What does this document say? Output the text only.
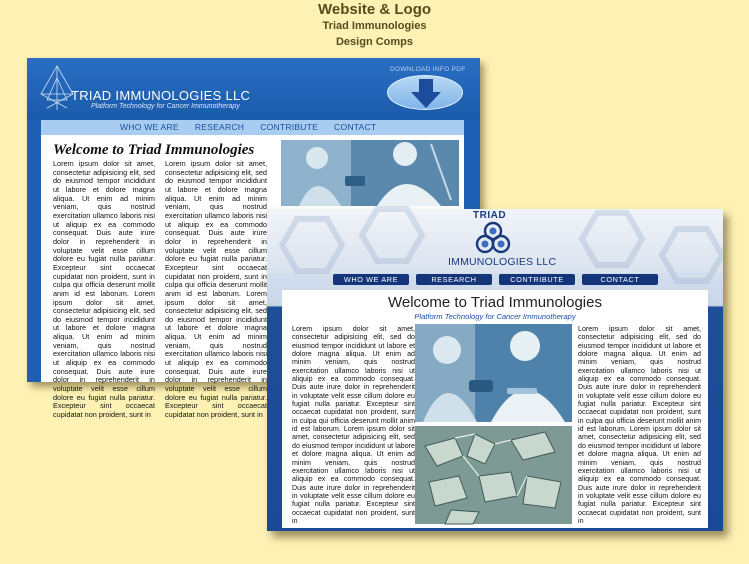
Website & Logo
Triad Immunologies
Design Comps
TRIAD IMMUNOLOGIES LLC
Platform Technology for Cancer Immunotherapy
DOWNLOAD INFO PDF
WHO WE ARE RESEARCH CONTRIBUTE CONTACT
Welcome to Triad Immunologies
Lorem ipsum dolor sit amet, consectetur adipisicing elit, sed do eiusmod tempor incididunt ut labore et dolore magna aliqua. Ut enim ad minim veniam, quis nostrud exercitation ullamco laboris nisi ut aliquip ex ea commodo consequat. Duis aute irure dolor in reprehenderit in voluptate velit esse cillum dolore eu fugiat nulla pariatur. Excepteur sint occaecat cupidatat non proident, sunt in culpa qui officia deserunt mollit anim id est laborum. Lorem ipsum dolor sit amet, consectetur adipisicing elit, sed do eiusmod tempor incididunt ut labore et dolore magna aliqua. Ut enim ad minim veniam, quis nostrud exercitation ullamco laboris nisi ut aliquip ex ea commodo consequat. Duis aute irure dolor in reprehenderit in voluptate velit esse cillum dolore eu fugiat nulla pariatur. Excepteur sint occaecat cupidatat non proident, sunt in
Lorem ipsum dolor sit amet, consectetur adipisicing elit, sed do eiusmod tempor incididunt ut labore et dolore magna aliqua. Ut enim ad minim veniam, quis nostrud exercitation ullamco laboris nisi ut aliquip ex ea commodo consequat. Duis aute irure dolor in reprehenderit in voluptate velit esse cillum dolore eu fugiat nulla pariatur. Excepteur sint occaecat cupidatat non proident, sunt in culpa qui officia deserunt mollit anim id est laborum. Lorem ipsum dolor sit amet, consectetur adipisicing elit, sed do eiusmod tempor incididunt ut labore et dolore magna aliqua. Ut enim ad minim veniam, quis nostrud exercitation ullamco laboris nisi ut aliquip ex ea commodo consequat. Duis aute irure dolor in reprehenderit in voluptate velit esse cillum dolore eu fugiat nulla pariatur. Excepteur sint occaecat cupidatat non proident, sunt in
TRIAD
IMMUNOLOGIES LLC
WHO WE ARE	RESEARCH	CONTRIBUTE	CONTACT
Welcome to Triad Immunologies
Platform Technology for Cancer Immunotherapy
Lorem ipsum dolor sit amet, consectetur adipisicing elit, sed do eiusmod tempor incididunt ut labore et dolore magna aliqua. Ut enim ad minim veniam, quis nostrud exercitation ullamco laboris nisi ut aliquip ex ea commodo consequat. Duis aute irure dolor in reprehenderit in voluptate velit esse cillum dolore eu fugiat nulla pariatur. Excepteur sint occaecat cupidatat non proident, sunt in culpa qui officia deserunt mollit anim id est laborum. Lorem ipsum dolor sit amet, consectetur adipisicing elit, sed do eiusmod tempor incididunt ut labore et dolore magna aliqua. Ut enim ad minim veniam, quis nostrud exercitation ullamco laboris nisi ut aliquip ex ea commodo consequat. Duis aute irure dolor in reprehenderit in voluptate velit esse cillum dolore eu fugiat nulla pariatur. Excepteur sint occaecat cupidatat non proident, sunt in
Lorem ipsum dolor sit amet, consectetur adipisicing elit, sed do eiusmod tempor incididunt ut labore et dolore magna aliqua. Ut enim ad minim veniam, quis nostrud exercitation ullamco laboris nisi ut aliquip ex ea commodo consequat. Duis aute irure dolor in reprehenderit in voluptate velit esse cillum dolore eu fugiat nulla pariatur. Excepteur sint occaecat cupidatat non proident, sunt in culpa qui officia deserunt mollit anim id est laborum. Lorem ipsum dolor sit amet, consectetur adipisicing elit, sed do eiusmod tempor incididunt ut labore et dolore magna aliqua. Ut enim ad minim veniam, quis nostrud exercitation ullamco laboris nisi ut aliquip ex ea commodo consequat. Duis aute irure dolor in reprehenderit in voluptate velit esse cillum dolore eu fugiat nulla pariatur. Excepteur sint occaecat cupidatat non proident, sunt in
